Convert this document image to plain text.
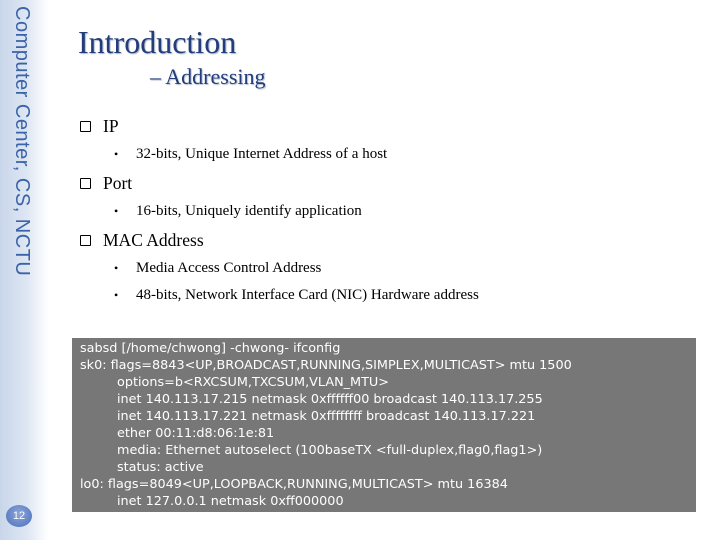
Computer Center, CS, NCTU
12
Introduction
– Addressing
IP
•	32-bits, Unique Internet Address of a host
Port
•	16-bits, Uniquely identify application
MAC Address
•	Media Access Control Address
•	48-bits, Network Interface Card (NIC) Hardware address
sabsd [/home/chwong] -chwong- ifconfig
sk0: flags=8843<UP,BROADCAST,RUNNING,SIMPLEX,MULTICAST> mtu 1500
options=b<RXCSUM,TXCSUM,VLAN_MTU>
inet 140.113.17.215 netmask 0xffffff00 broadcast 140.113.17.255
inet 140.113.17.221 netmask 0xffffffff broadcast 140.113.17.221
ether 00:11:d8:06:1e:81
media: Ethernet autoselect (100baseTX <full-duplex,flag0,flag1>)
status: active
lo0: flags=8049<UP,LOOPBACK,RUNNING,MULTICAST> mtu 16384
inet 127.0.0.1 netmask 0xff000000
